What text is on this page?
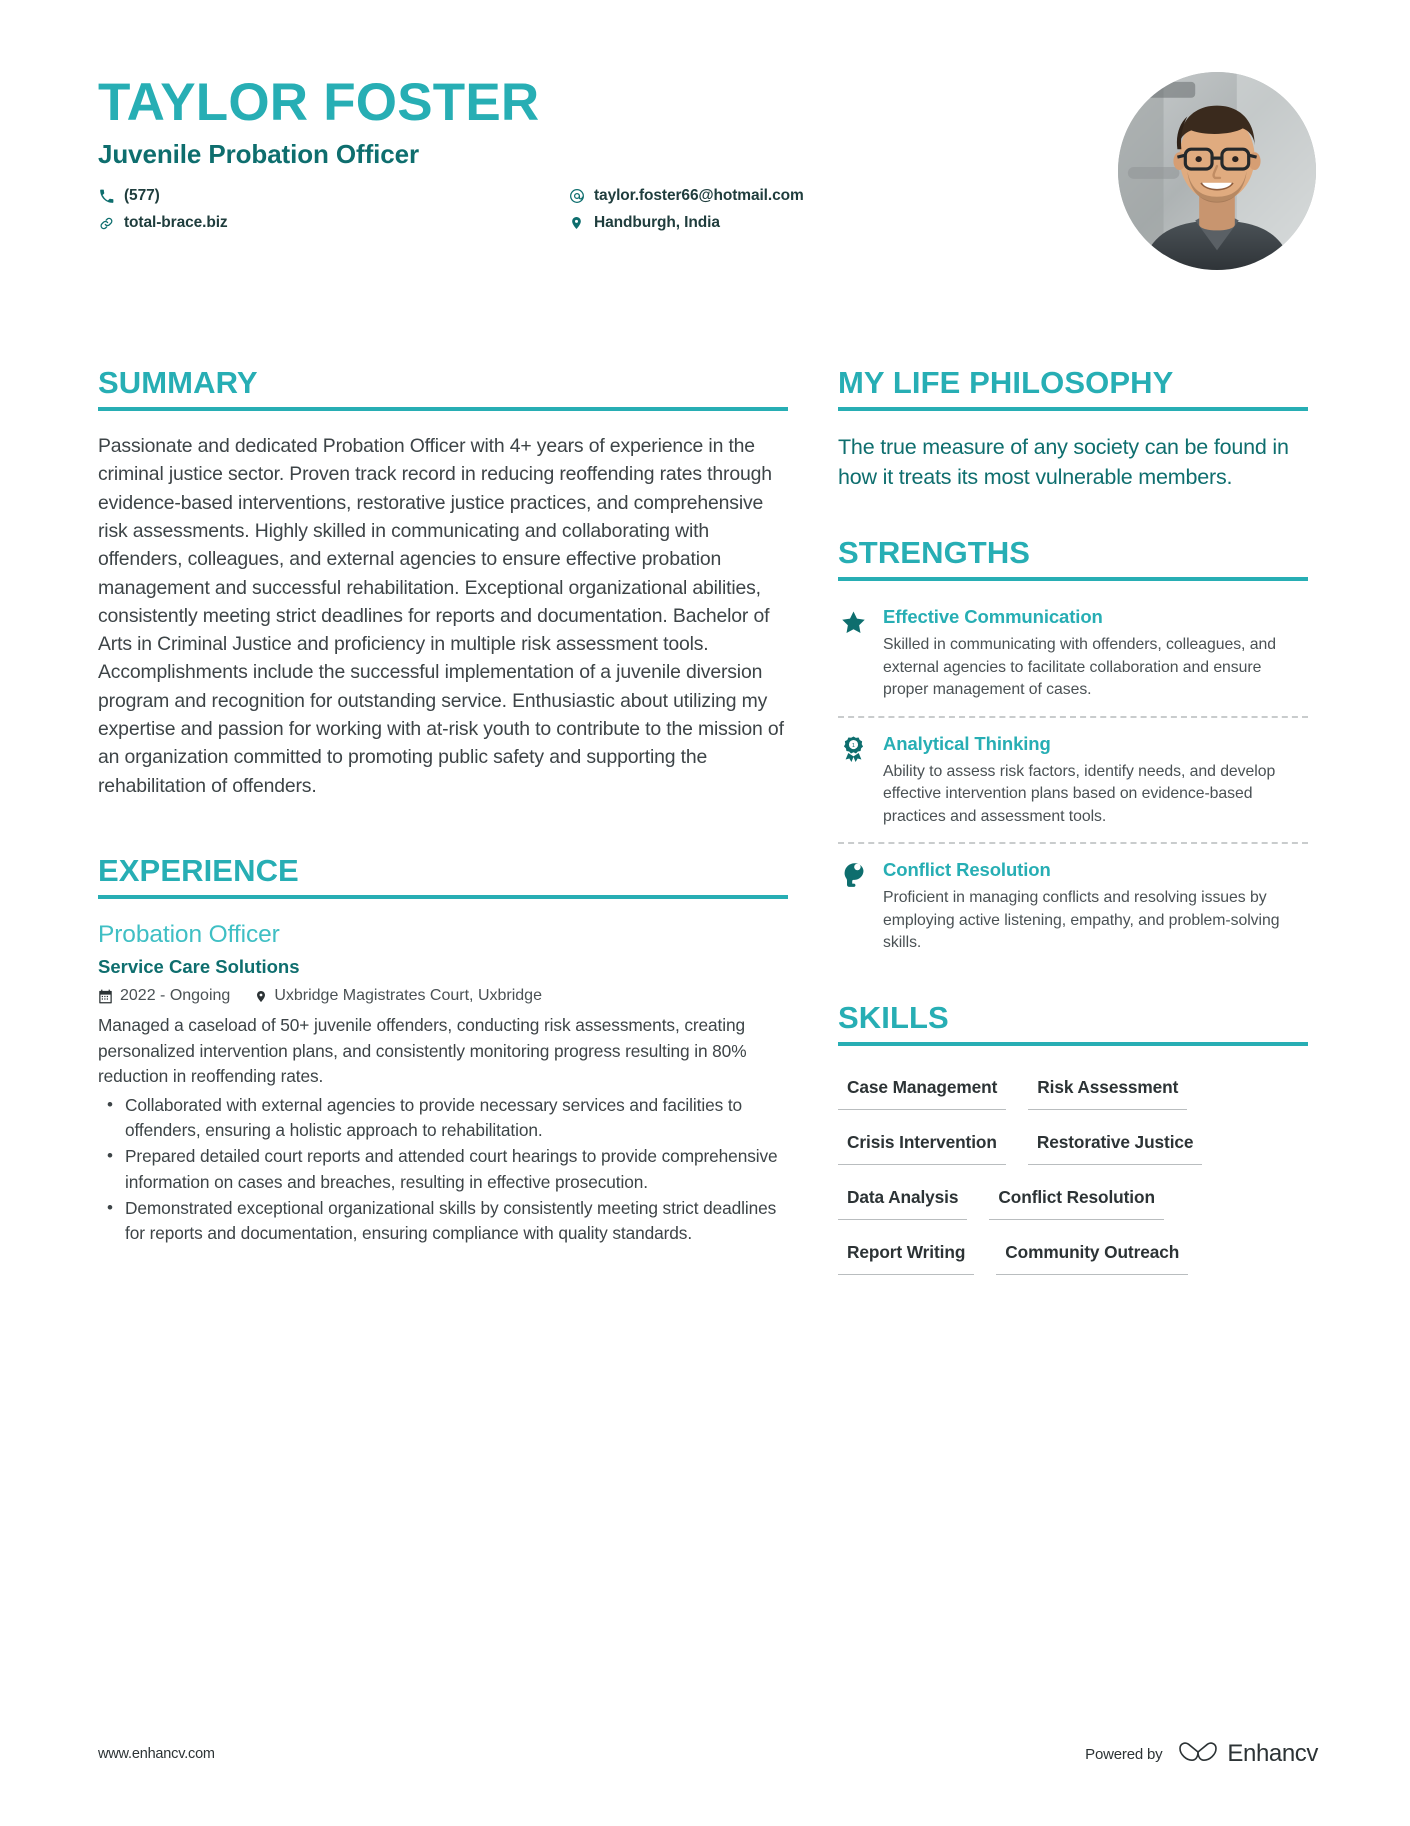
TAYLOR FOSTER
Juvenile Probation Officer
(577)	taylor.foster66@hotmail.com
total-brace.biz	Handburgh, India
SUMMARY
Passionate and dedicated Probation Officer with 4+ years of experience in the criminal justice sector. Proven track record in reducing reoffending rates through evidence-based interventions, restorative justice practices, and comprehensive risk assessments. Highly skilled in communicating and collaborating with offenders, colleagues, and external agencies to ensure effective probation management and successful rehabilitation. Exceptional organizational abilities, consistently meeting strict deadlines for reports and documentation. Bachelor of Arts in Criminal Justice and proficiency in multiple risk assessment tools. Accomplishments include the successful implementation of a juvenile diversion program and recognition for outstanding service. Enthusiastic about utilizing my expertise and passion for working with at-risk youth to contribute to the mission of an organization committed to promoting public safety and supporting the rehabilitation of offenders.
EXPERIENCE
Probation Officer
Service Care Solutions
2022 - Ongoing	Uxbridge Magistrates Court, Uxbridge
Managed a caseload of 50+ juvenile offenders, conducting risk assessments, creating personalized intervention plans, and consistently monitoring progress resulting in 80% reduction in reoffending rates.
• Collaborated with external agencies to provide necessary services and facilities to offenders, ensuring a holistic approach to rehabilitation.
• Prepared detailed court reports and attended court hearings to provide comprehensive information on cases and breaches, resulting in effective prosecution.
• Demonstrated exceptional organizational skills by consistently meeting strict deadlines for reports and documentation, ensuring compliance with quality standards.
MY LIFE PHILOSOPHY
The true measure of any society can be found in how it treats its most vulnerable members.
STRENGTHS
Effective Communication
Skilled in communicating with offenders, colleagues, and external agencies to facilitate collaboration and ensure proper management of cases.
1 Analytical Thinking
Ability to assess risk factors, identify needs, and develop effective intervention plans based on evidence-based practices and assessment tools.
Conflict Resolution
Proficient in managing conflicts and resolving issues by employing active listening, empathy, and problem-solving skills.
SKILLS
Case Management	Risk Assessment
Crisis Intervention	Restorative Justice
Data Analysis	Conflict Resolution
Report Writing	Community Outreach
www.enhancv.com	Powered by	Enhancv
